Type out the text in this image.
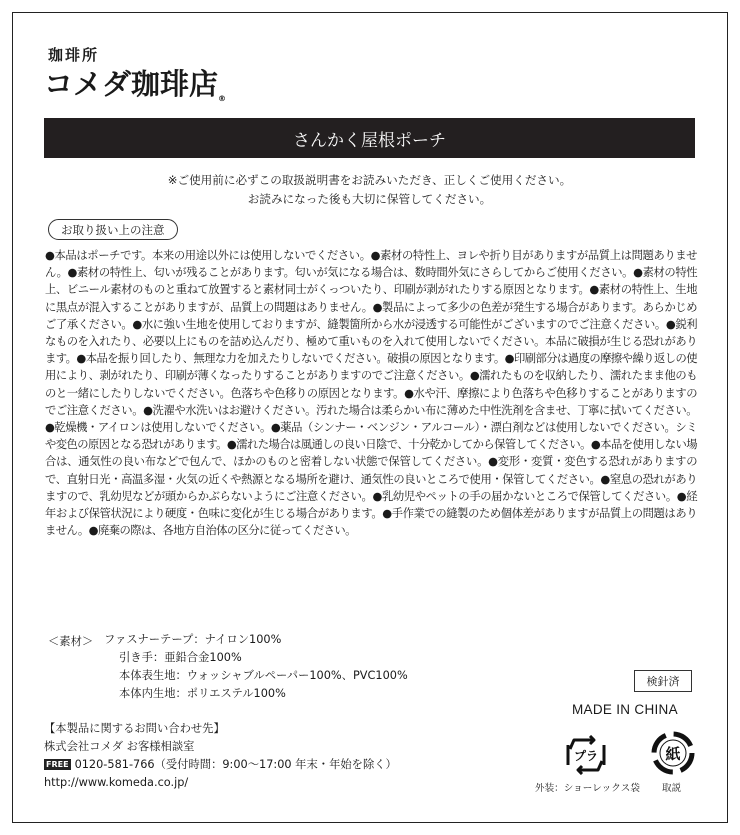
珈琲所
コメダ珈琲店®
さんかく屋根ポーチ
※ご使用前に必ずこの取扱説明書をお読みいただき、正しくご使用ください。
お読みになった後も大切に保管してください。
お取り扱い上の注意
●本品はポーチです。本来の用途以外には使用しないでください。●素材の特性上、ヨレや折り目がありますが品質上は問題ありません。●素材の特性上、匂いが残ることがあります。匂いが気になる場合は、数時間外気にさらしてからご使用ください。●素材の特性上、ビニール素材のものと重ねて放置すると素材同士がくっついたり、印刷が剥がれたりする原因となります。●素材の特性上、生地に黒点が混入することがありますが、品質上の問題はありません。●製品によって多少の色差が発生する場合があります。あらかじめご了承ください。●水に強い生地を使用しておりますが、縫製箇所から水が浸透する可能性がございますのでご注意ください。●鋭利なものを入れたり、必要以上にものを詰め込んだり、極めて重いものを入れて使用しないでください。本品に破損が生じる恐れがあります。●本品を振り回したり、無理な力を加えたりしないでください。破損の原因となります。●印刷部分は過度の摩擦や繰り返しの使用により、剥がれたり、印刷が薄くなったりすることがありますのでご注意ください。●濡れたものを収納したり、濡れたまま他のものと一緒にしたりしないでください。色落ちや色移りの原因となります。●水や汗、摩擦により色落ちや色移りすることがありますのでご注意ください。●洗濯や水洗いはお避けください。汚れた場合は柔らかい布に薄めた中性洗剤を含ませ、丁寧に拭いてください。●乾燥機・アイロンは使用しないでください。●薬品（シンナー・ベンジン・アルコール）・漂白剤などは使用しないでください。シミや変色の原因となる恐れがあります。●濡れた場合は風通しの良い日陰で、十分乾かしてから保管してください。●本品を使用しない場合は、通気性の良い布などで包んで、ほかのものと密着しない状態で保管してください。●変形・変質・変色する恐れがありますので、直射日光・高温多湿・火気の近くや熱源となる場所を避け、通気性の良いところで使用・保管してください。●窒息の恐れがありますので、乳幼児などが頭からかぶらないようにご注意ください。●乳幼児やペットの手の届かないところで保管してください。●経年および保管状況により硬度・色味に変化が生じる場合があります。●手作業での縫製のため個体差がありますが品質上の問題はありません。●廃棄の際は、各地方自治体の区分に従ってください。
＜素材＞ ファスナーテープ：ナイロン100%
引き手：亜鉛合金100%
本体表生地：ウォッシャブルペーパー100%、PVC100%
本体内生地：ポリエステル100%
検針済
MADE IN CHINA
【本製品に関するお問い合わせ先】
株式会社コメダ お客様相談室
FREE 0120-581-766（受付時間：9:00〜17:00 年末・年始を除く）
http://www.komeda.co.jp/
プラ
外装：ショーレックス袋
紙
取説
